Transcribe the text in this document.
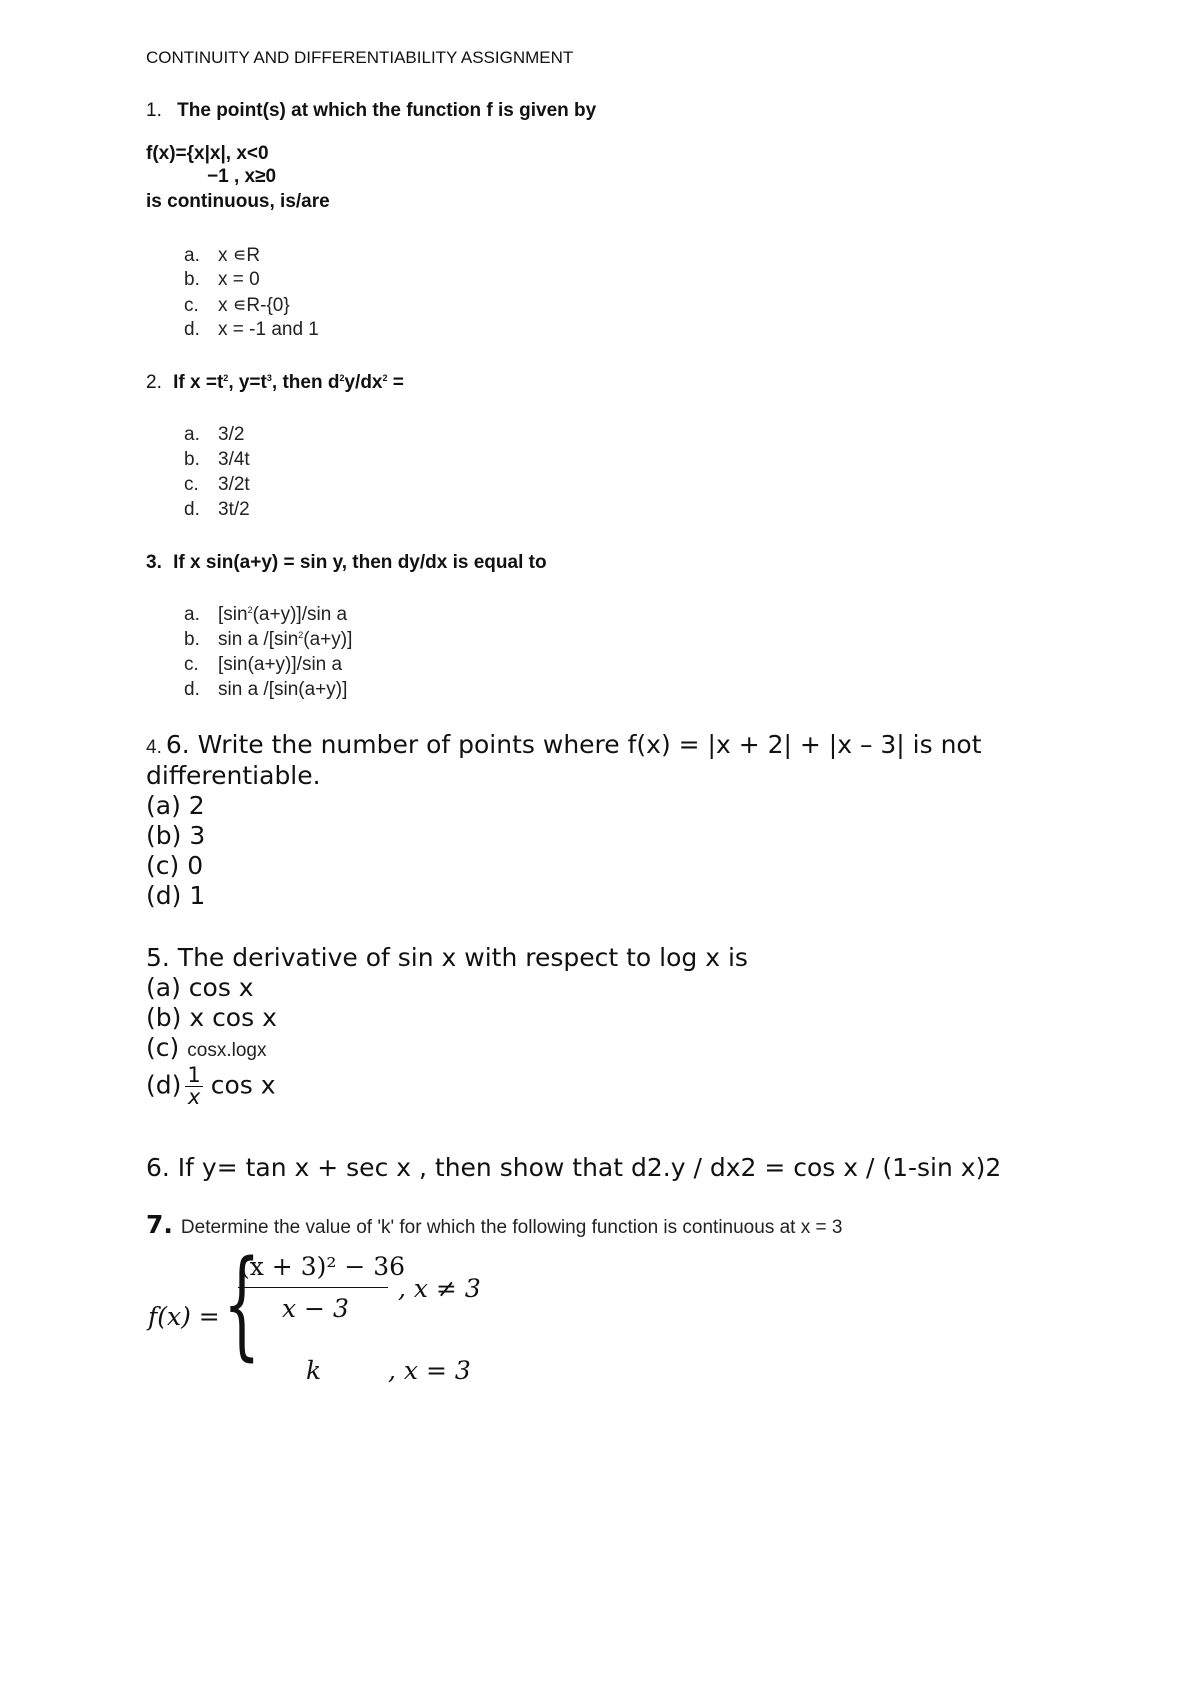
CONTINUITY AND DIFFERENTIABILITY ASSIGNMENT
1. The point(s) at which the function f is given by
f(x)={x|x|, x<0
−1 , x≥0
is continuous, is/are
a. x ∊R
b. x = 0
c. x ∊R-{0}
d. x = -1 and 1
2. If $x =t^2$, $y=t^3$, then $d^2y/dx^2$ =
a. 3/2
b. 3/4t
c. 3/2t
d. 3t/2
3. If x sin(a+y) = sin y, then dy/dx is equal to
a. $[\sin^2(a+y)]/\sin$ a
b. sin a $/[\sin^2(a+y)]$
c. [sin(a+y)]/sin a
d. sin a /[sin(a+y)]
4. 6. Write the number of points where f(x) = |x + 2| + |x – 3| is not
differentiable.
(a) 2
(b) 3
(c) 0
(d) 1
5. The derivative of sin x with respect to log x is
(a) cos x
(b) x cos x
(c) cosx.logx
$(d) \frac{1}{x}$ cos x
6. If y= tan x + sec x , then show that d2.y / dx2 = cos x / (1-sin x)2
7. Determine the value of 'k' for which the following function is continuous at x = 3
f(x) = {
(x + 3)² − 36
x − 3
, x ≠ 3
k	, x = 3
